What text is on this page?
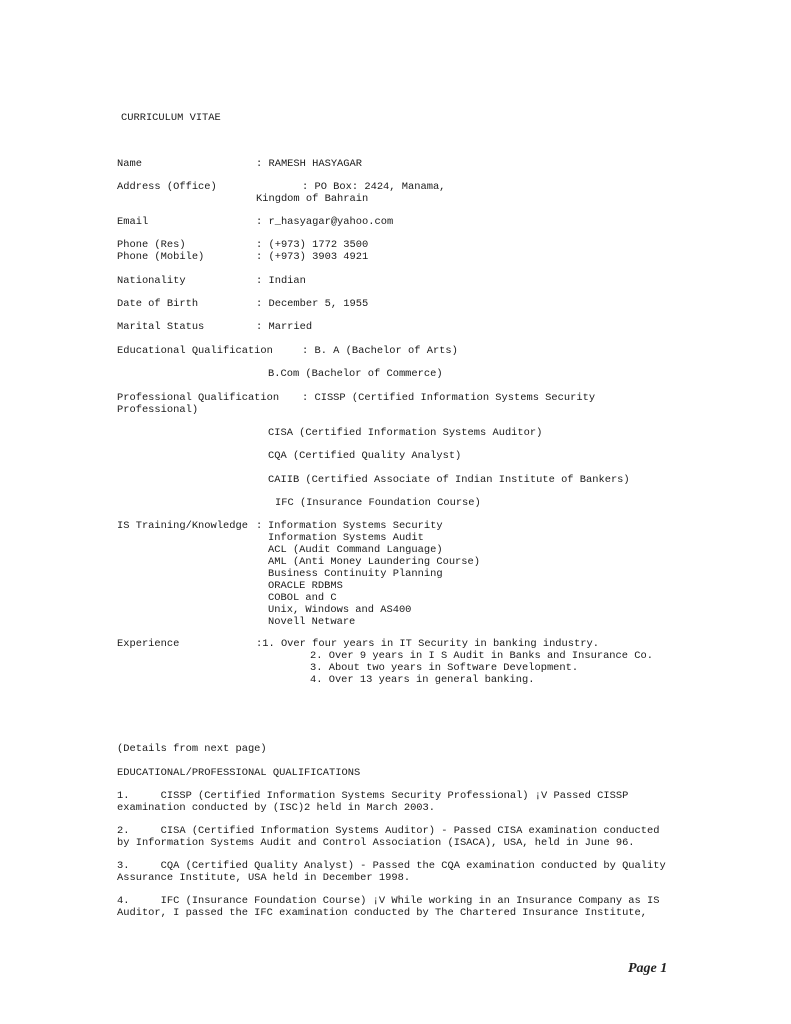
CURRICULUM VITAE
Name	: RAMESH HASYAGAR
Address (Office)	: PO Box: 2424, Manama,
Kingdom of Bahrain
Email	: r_hasyagar@yahoo.com
Phone (Res)	: (+973) 1772 3500
Phone (Mobile)	: (+973) 3903 4921
Nationality	: Indian
Date of Birth	: December 5, 1955
Marital Status	: Married
Educational Qualification	: B. A (Bachelor of Arts)
B.Com (Bachelor of Commerce)
Professional Qualification : CISSP (Certified Information Systems Security
Professional)
CISA (Certified Information Systems Auditor)
CQA (Certified Quality Analyst)
CAIIB (Certified Associate of Indian Institute of Bankers)
IFC (Insurance Foundation Course)
IS Training/Knowledge : Information Systems Security
Information Systems Audit
ACL (Audit Command Language)
AML (Anti Money Laundering Course)
Business Continuity Planning
ORACLE RDBMS
COBOL and C
Unix, Windows and AS400
Novell Netware
Experience	:1. Over four years in IT Security in banking industry.
2. Over 9 years in I S Audit in Banks and Insurance Co.
3. About two years in Software Development.
4. Over 13 years in general banking.
(Details from next page)
EDUCATIONAL/PROFESSIONAL QUALIFICATIONS
1.     CISSP (Certified Information Systems Security Professional) ¡V Passed CISSP
examination conducted by (ISC)2 held in March 2003.
2.     CISA (Certified Information Systems Auditor) - Passed CISA examination conducted
by Information Systems Audit and Control Association (ISACA), USA, held in June 96.
3.     CQA (Certified Quality Analyst) - Passed the CQA examination conducted by Quality
Assurance Institute, USA held in December 1998.
4.     IFC (Insurance Foundation Course) ¡V While working in an Insurance Company as IS
Auditor, I passed the IFC examination conducted by The Chartered Insurance Institute,
Page 1
